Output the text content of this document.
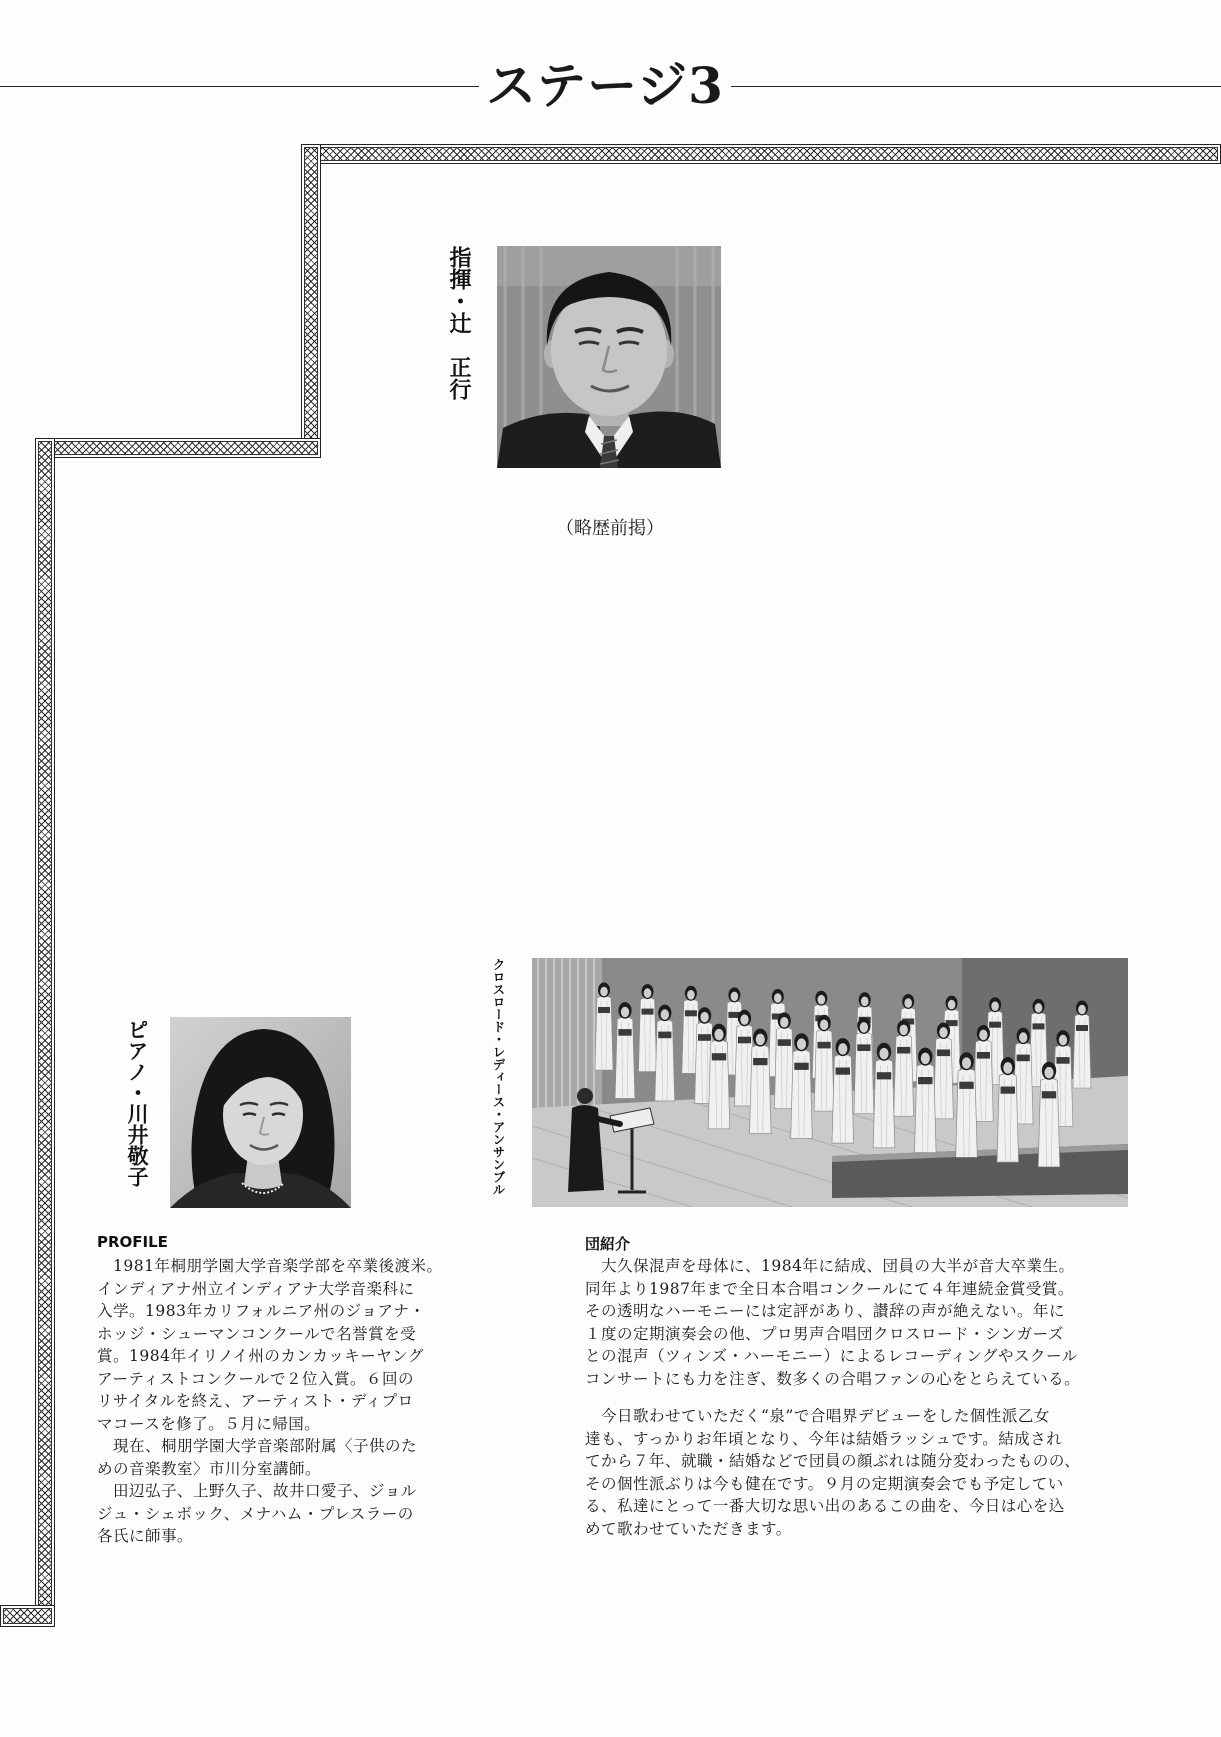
ステージ3
指揮・辻　正行
（略歴前掲）
ピアノ・川井敬子	クロスロード・レディース・アンサンブル
PROFILE
1981年桐朋学園大学音楽学部を卒業後渡米。
インディアナ州立インディアナ大学音楽科に
入学。1983年カリフォルニア州のジョアナ・
ホッジ・シューマンコンクールで名誉賞を受
賞。1984年イリノイ州のカンカッキーヤング
アーティストコンクールで２位入賞。６回の
リサイタルを終え、アーティスト・ディプロ
マコースを修了。５月に帰国。
現在、桐朋学園大学音楽部附属〈子供のた
めの音楽教室〉市川分室講師。
田辺弘子、上野久子、故井口愛子、ジョル
ジュ・シェボック、メナハム・プレスラーの
各氏に師事。
団紹介
大久保混声を母体に、1984年に結成、団員の大半が音大卒業生。
同年より1987年まで全日本合唱コンクールにて４年連続金賞受賞。
その透明なハーモニーには定評があり、讃辞の声が絶えない。年に
１度の定期演奏会の他、プロ男声合唱団クロスロード・シンガーズ
との混声（ツィンズ・ハーモニー）によるレコーディングやスクール
コンサートにも力を注ぎ、数多くの合唱ファンの心をとらえている。
今日歌わせていただく“泉”で合唱界デビューをした個性派乙女
達も、すっかりお年頃となり、今年は結婚ラッシュです。結成され
てから７年、就職・結婚などで団員の顔ぶれは随分変わったものの、
その個性派ぶりは今も健在です。９月の定期演奏会でも予定してい
る、私達にとって一番大切な思い出のあるこの曲を、今日は心を込
めて歌わせていただきます。
